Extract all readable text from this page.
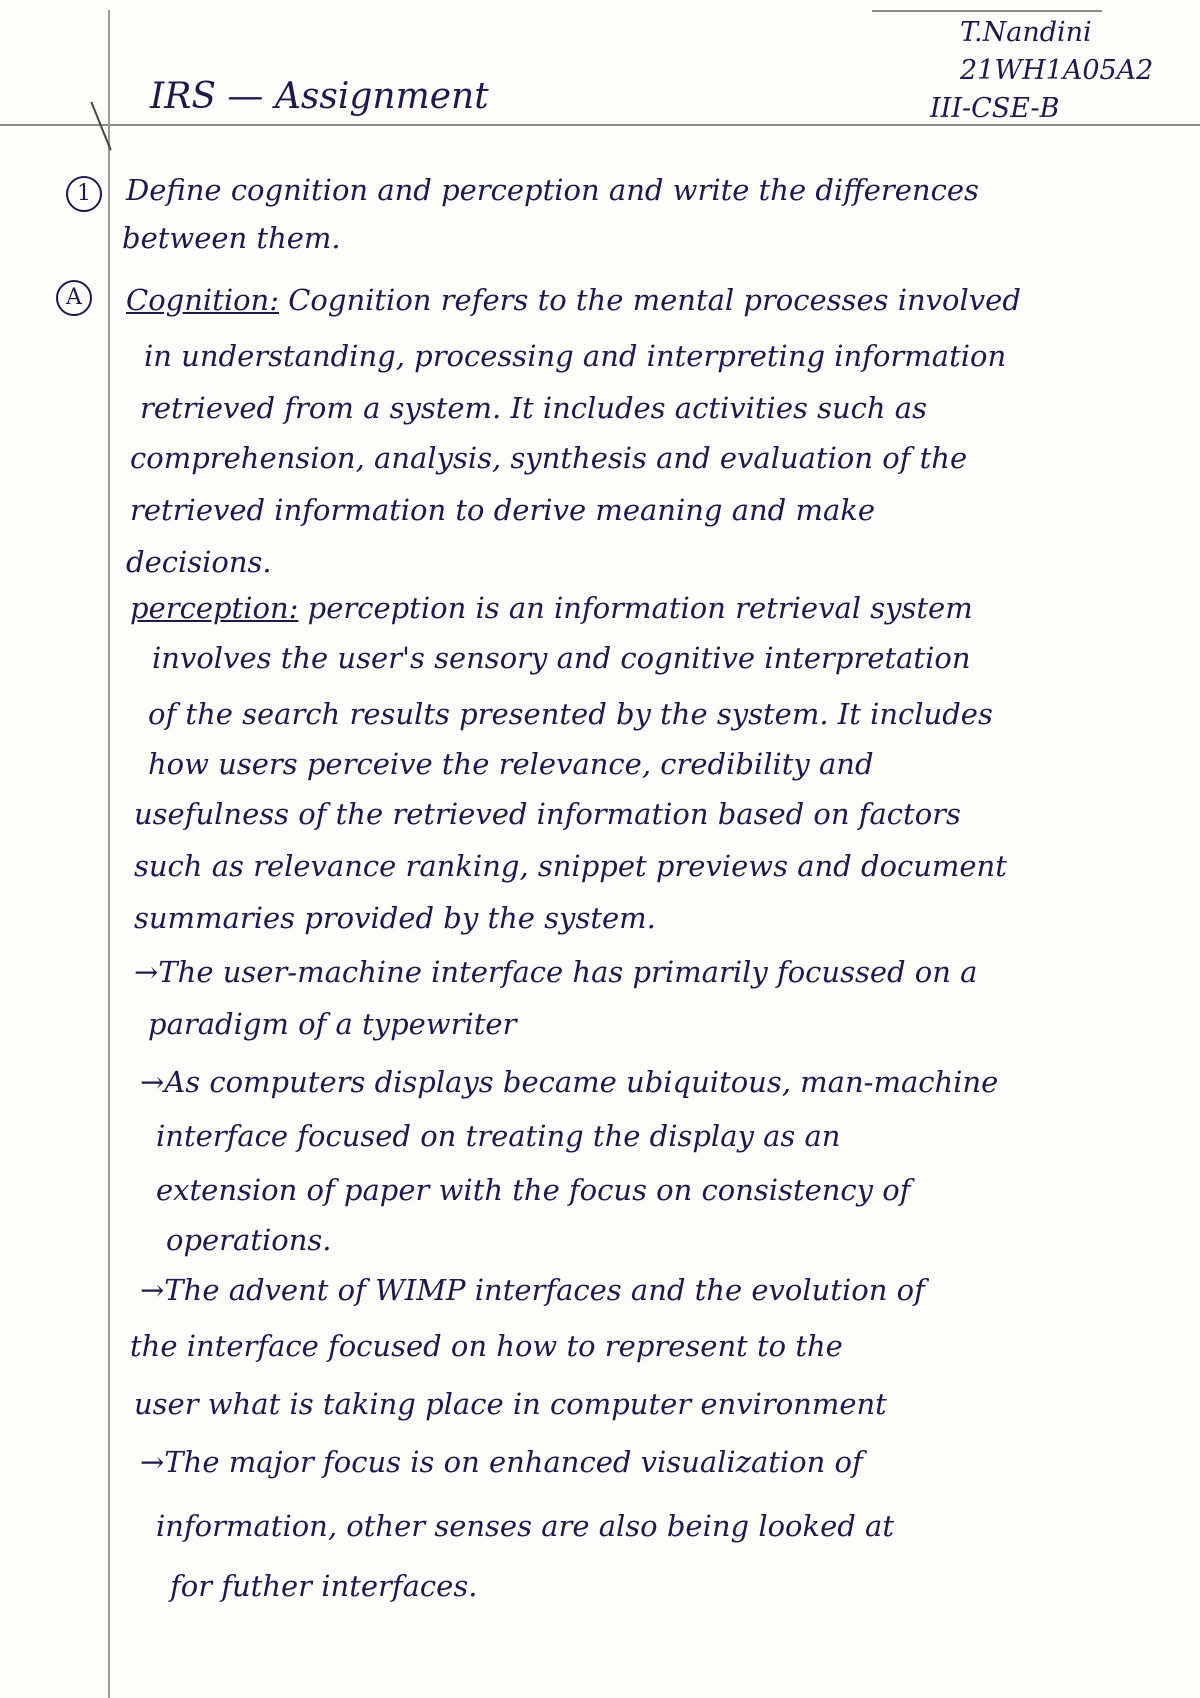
IRS — Assignment
T.Nandini
21WH1A05A2
III-CSE-B
1	Define cognition and perception and write the differences
between them.
A	Cognition: Cognition refers to the mental processes involved
in understanding, processing and interpreting information
retrieved from a system. It includes activities such as
comprehension, analysis, synthesis and evaluation of the
retrieved information to derive meaning and make
decisions.
perception: perception is an information retrieval system
involves the user's sensory and cognitive interpretation
of the search results presented by the system. It includes
how users perceive the relevance, credibility and
usefulness of the retrieved information based on factors
such as relevance ranking, snippet previews and document
summaries provided by the system.
→The user-machine interface has primarily focussed on a
paradigm of a typewriter
→As computers displays became ubiquitous, man-machine
interface focused on treating the display as an
extension of paper with the focus on consistency of
operations.
→The advent of WIMP interfaces and the evolution of
the interface focused on how to represent to the
user what is taking place in computer environment
→The major focus is on enhanced visualization of
information, other senses are also being looked at
for futher interfaces.
